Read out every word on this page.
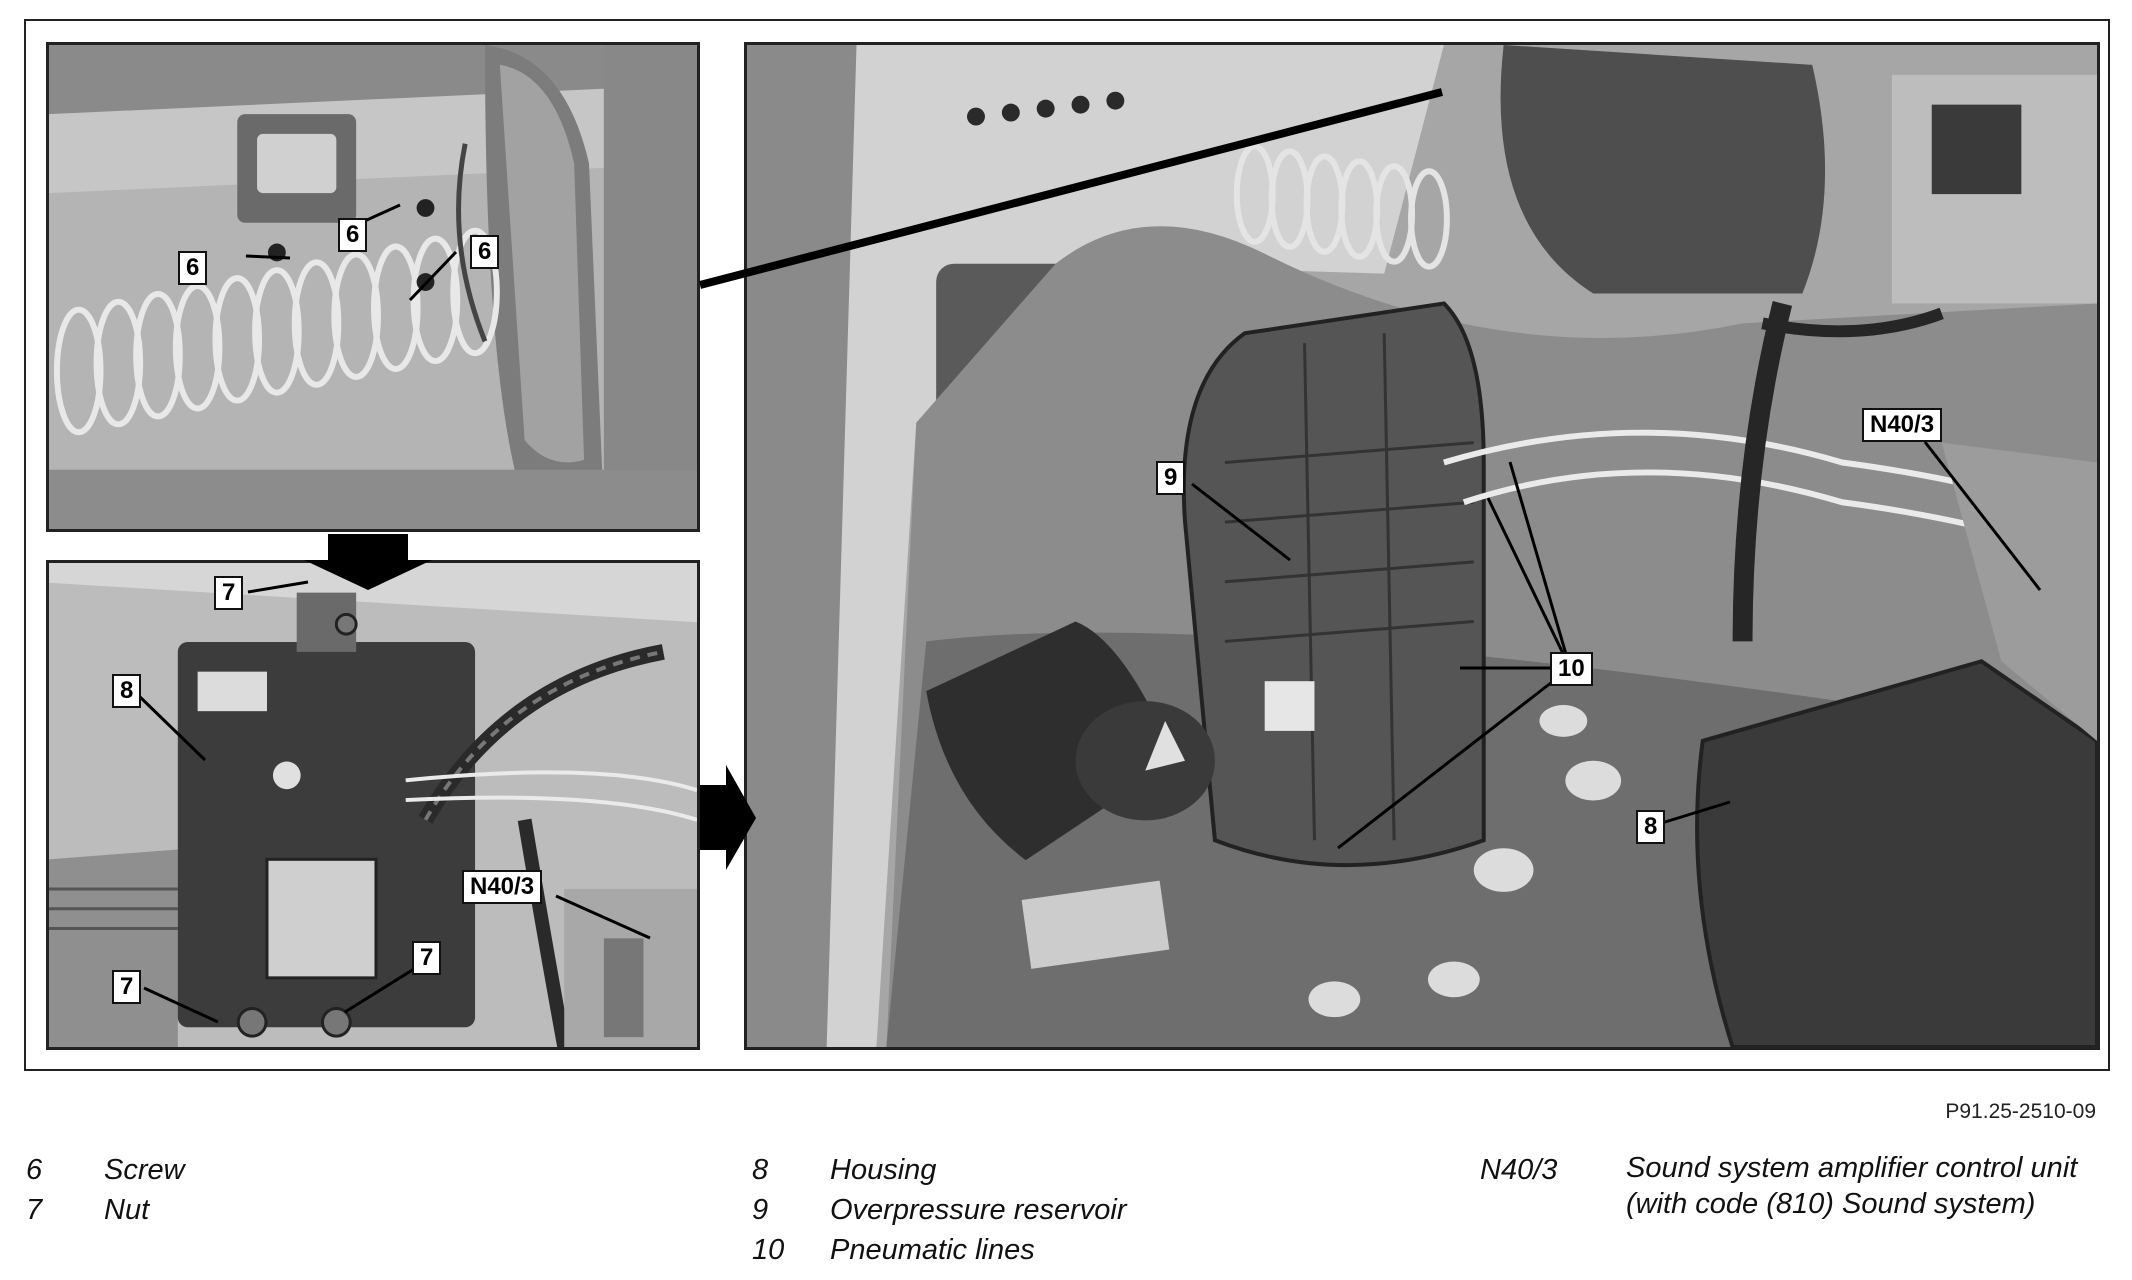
6
6
6
7
8
7
7
N40/3
9
10
8
N40/3
P91.25-2510-09
6	Screw
7	Nut
8	Housing
9	Overpressure reservoir
10	Pneumatic lines
N40/3	Sound system amplifier control unit (with code (810) Sound system)
